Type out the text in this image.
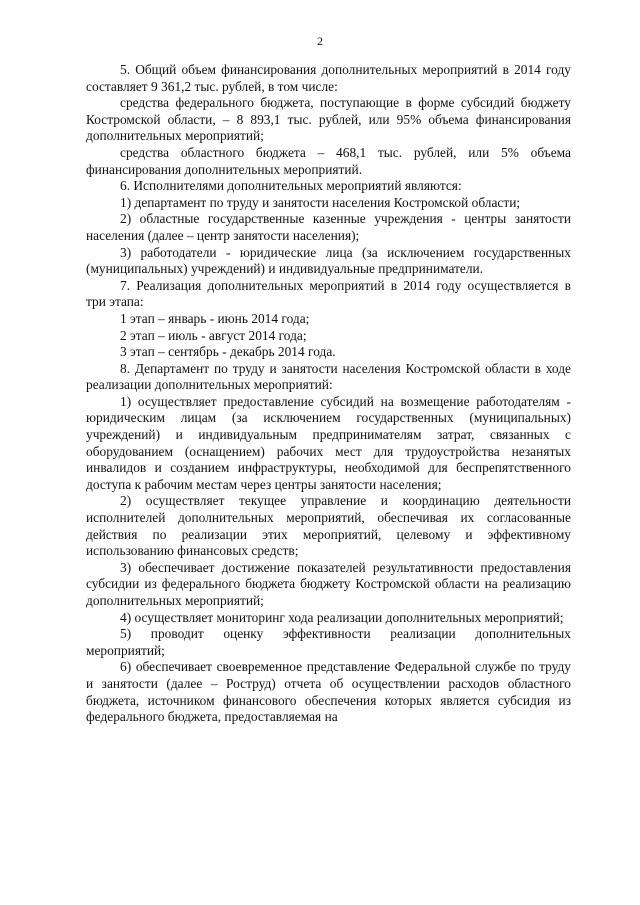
2

5. Общий объем финансирования дополнительных мероприятий в 2014 году составляет 9 361,2 тыс. рублей, в том числе:

средства федерального бюджета, поступающие в форме субсидий бюджету Костромской области, – 8 893,1 тыс. рублей, или 95% объема финансирования дополнительных мероприятий;

средства областного бюджета – 468,1 тыс. рублей, или 5% объема финансирования дополнительных мероприятий.

6. Исполнителями дополнительных мероприятий являются:

1) департамент по труду и занятости населения Костромской области;

2) областные государственные казенные учреждения - центры занятости населения (далее – центр занятости населения);

3) работодатели - юридические лица (за исключением государственных (муниципальных) учреждений) и индивидуальные предприниматели.

7. Реализация дополнительных мероприятий в 2014 году осуществляется в три этапа:

1 этап – январь - июнь 2014 года;

2 этап – июль - август 2014 года;

3 этап – сентябрь - декабрь 2014 года.

8. Департамент по труду и занятости населения Костромской области в ходе реализации дополнительных мероприятий:

1) осуществляет предоставление субсидий на возмещение работодателям - юридическим лицам (за исключением государственных (муниципальных) учреждений) и индивидуальным предпринимателям затрат, связанных с оборудованием (оснащением) рабочих мест для трудоустройства незанятых инвалидов и созданием инфраструктуры, необходимой для беспрепятственного доступа к рабочим местам через центры занятости населения;

2) осуществляет текущее управление и координацию деятельности исполнителей дополнительных мероприятий, обеспечивая их согласованные действия по реализации этих мероприятий, целевому и эффективному использованию финансовых средств;

3) обеспечивает достижение показателей результативности предоставления субсидии из федерального бюджета бюджету Костромской области на реализацию дополнительных мероприятий;

4) осуществляет мониторинг хода реализации дополнительных мероприятий;

5) проводит оценку эффективности реализации дополнительных мероприятий;

6) обеспечивает своевременное представление Федеральной службе по труду и занятости (далее – Роструд) отчета об осуществлении расходов областного бюджета, источником финансового обеспечения которых является субсидия из федерального бюджета, предоставляемая на
